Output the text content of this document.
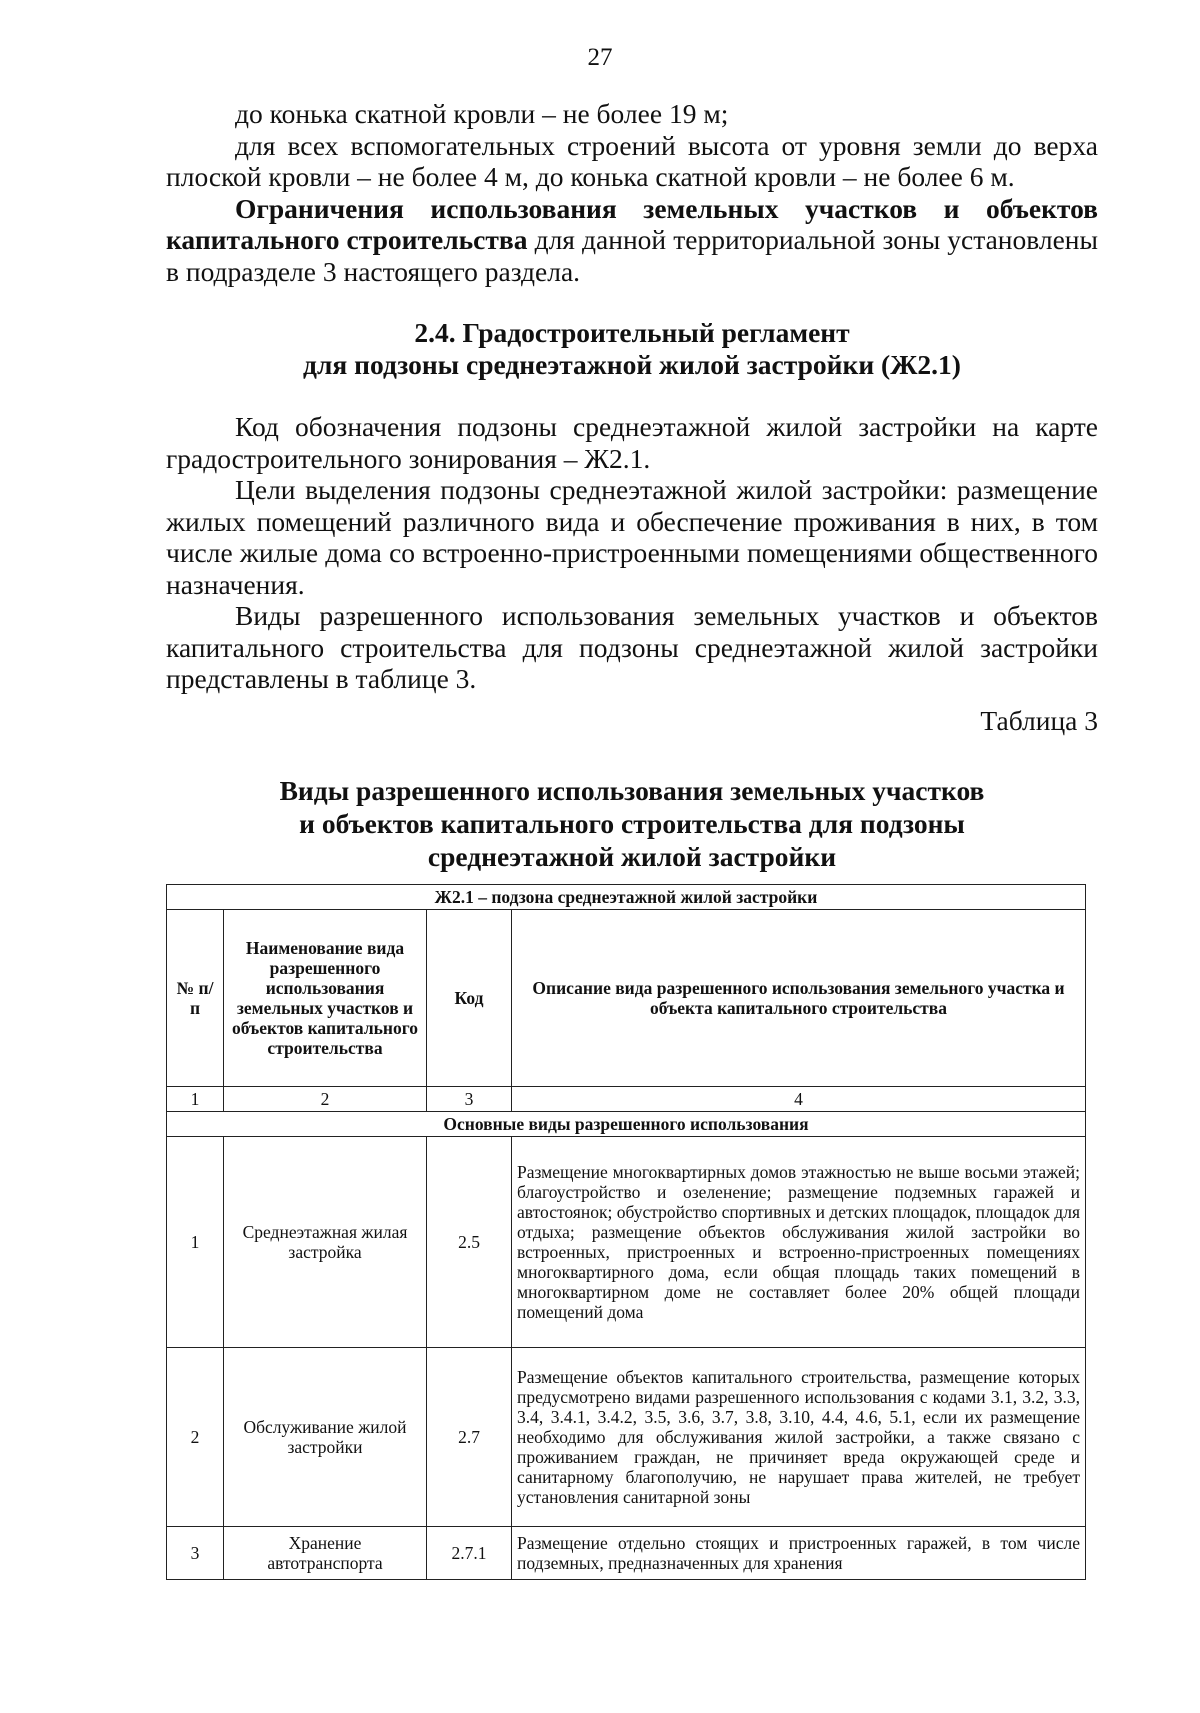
27

до конька скатной кровли – не более 19 м;

для всех вспомогательных строений высота от уровня земли до верха плоской кровли – не более 4 м, до конька скатной кровли – не более 6 м.

Ограничения использования земельных участков и объектов капитального строительства для данной территориальной зоны установлены в подразделе 3 настоящего раздела.

2.4. Градостроительный регламент
для подзоны среднеэтажной жилой застройки (Ж2.1)

Код обозначения подзоны среднеэтажной жилой застройки на карте градостроительного зонирования – Ж2.1.

Цели выделения подзоны среднеэтажной жилой застройки: размещение жилых помещений различного вида и обеспечение проживания в них, в том числе жилые дома со встроенно-пристроенными помещениями общественного назначения.

Виды разрешенного использования земельных участков и объектов капитального строительства для подзоны среднеэтажной жилой застройки представлены в таблице 3.

Таблица 3
Виды разрешенного использования земельных участков
и объектов капитального строительства для подзоны
среднеэтажной жилой застройки
Ж2.1 – подзона среднеэтажной жилой застройки			
№ п/п	Наименование вида разрешенного использования земельных участков и объектов капитального строительства	Код	Описание вида разрешенного использования земельного участка и объекта капитального строительства
1	2	3	4
Основные виды разрешенного использования			
1	Среднеэтажная жилая застройка	2.5	Размещение многоквартирных домов этажностью не выше восьми этажей; благоустройство и озеленение; размещение подземных гаражей и автостоянок; обустройство спортивных и детских площадок, площадок для отдыха; размещение объектов обслуживания жилой застройки во встроенных, пристроенных и встроенно-пристроенных помещениях многоквартирного дома, если общая площадь таких помещений в многоквартирном доме не составляет более 20% общей площади помещений дома
2	Обслуживание жилой застройки	2.7	Размещение объектов капитального строительства, размещение которых предусмотрено видами разрешенного использования с кодами 3.1, 3.2, 3.3, 3.4, 3.4.1, 3.4.2, 3.5, 3.6, 3.7, 3.8, 3.10, 4.4, 4.6, 5.1, если их размещение необходимо для обслуживания жилой застройки, а также связано с проживанием граждан, не причиняет вреда окружающей среде и санитарному благополучию, не нарушает права жителей, не требует установления санитарной зоны
3	Хранение автотранспорта	2.7.1	Размещение отдельно стоящих и пристроенных гаражей, в том числе подземных, предназначенных для хранения
